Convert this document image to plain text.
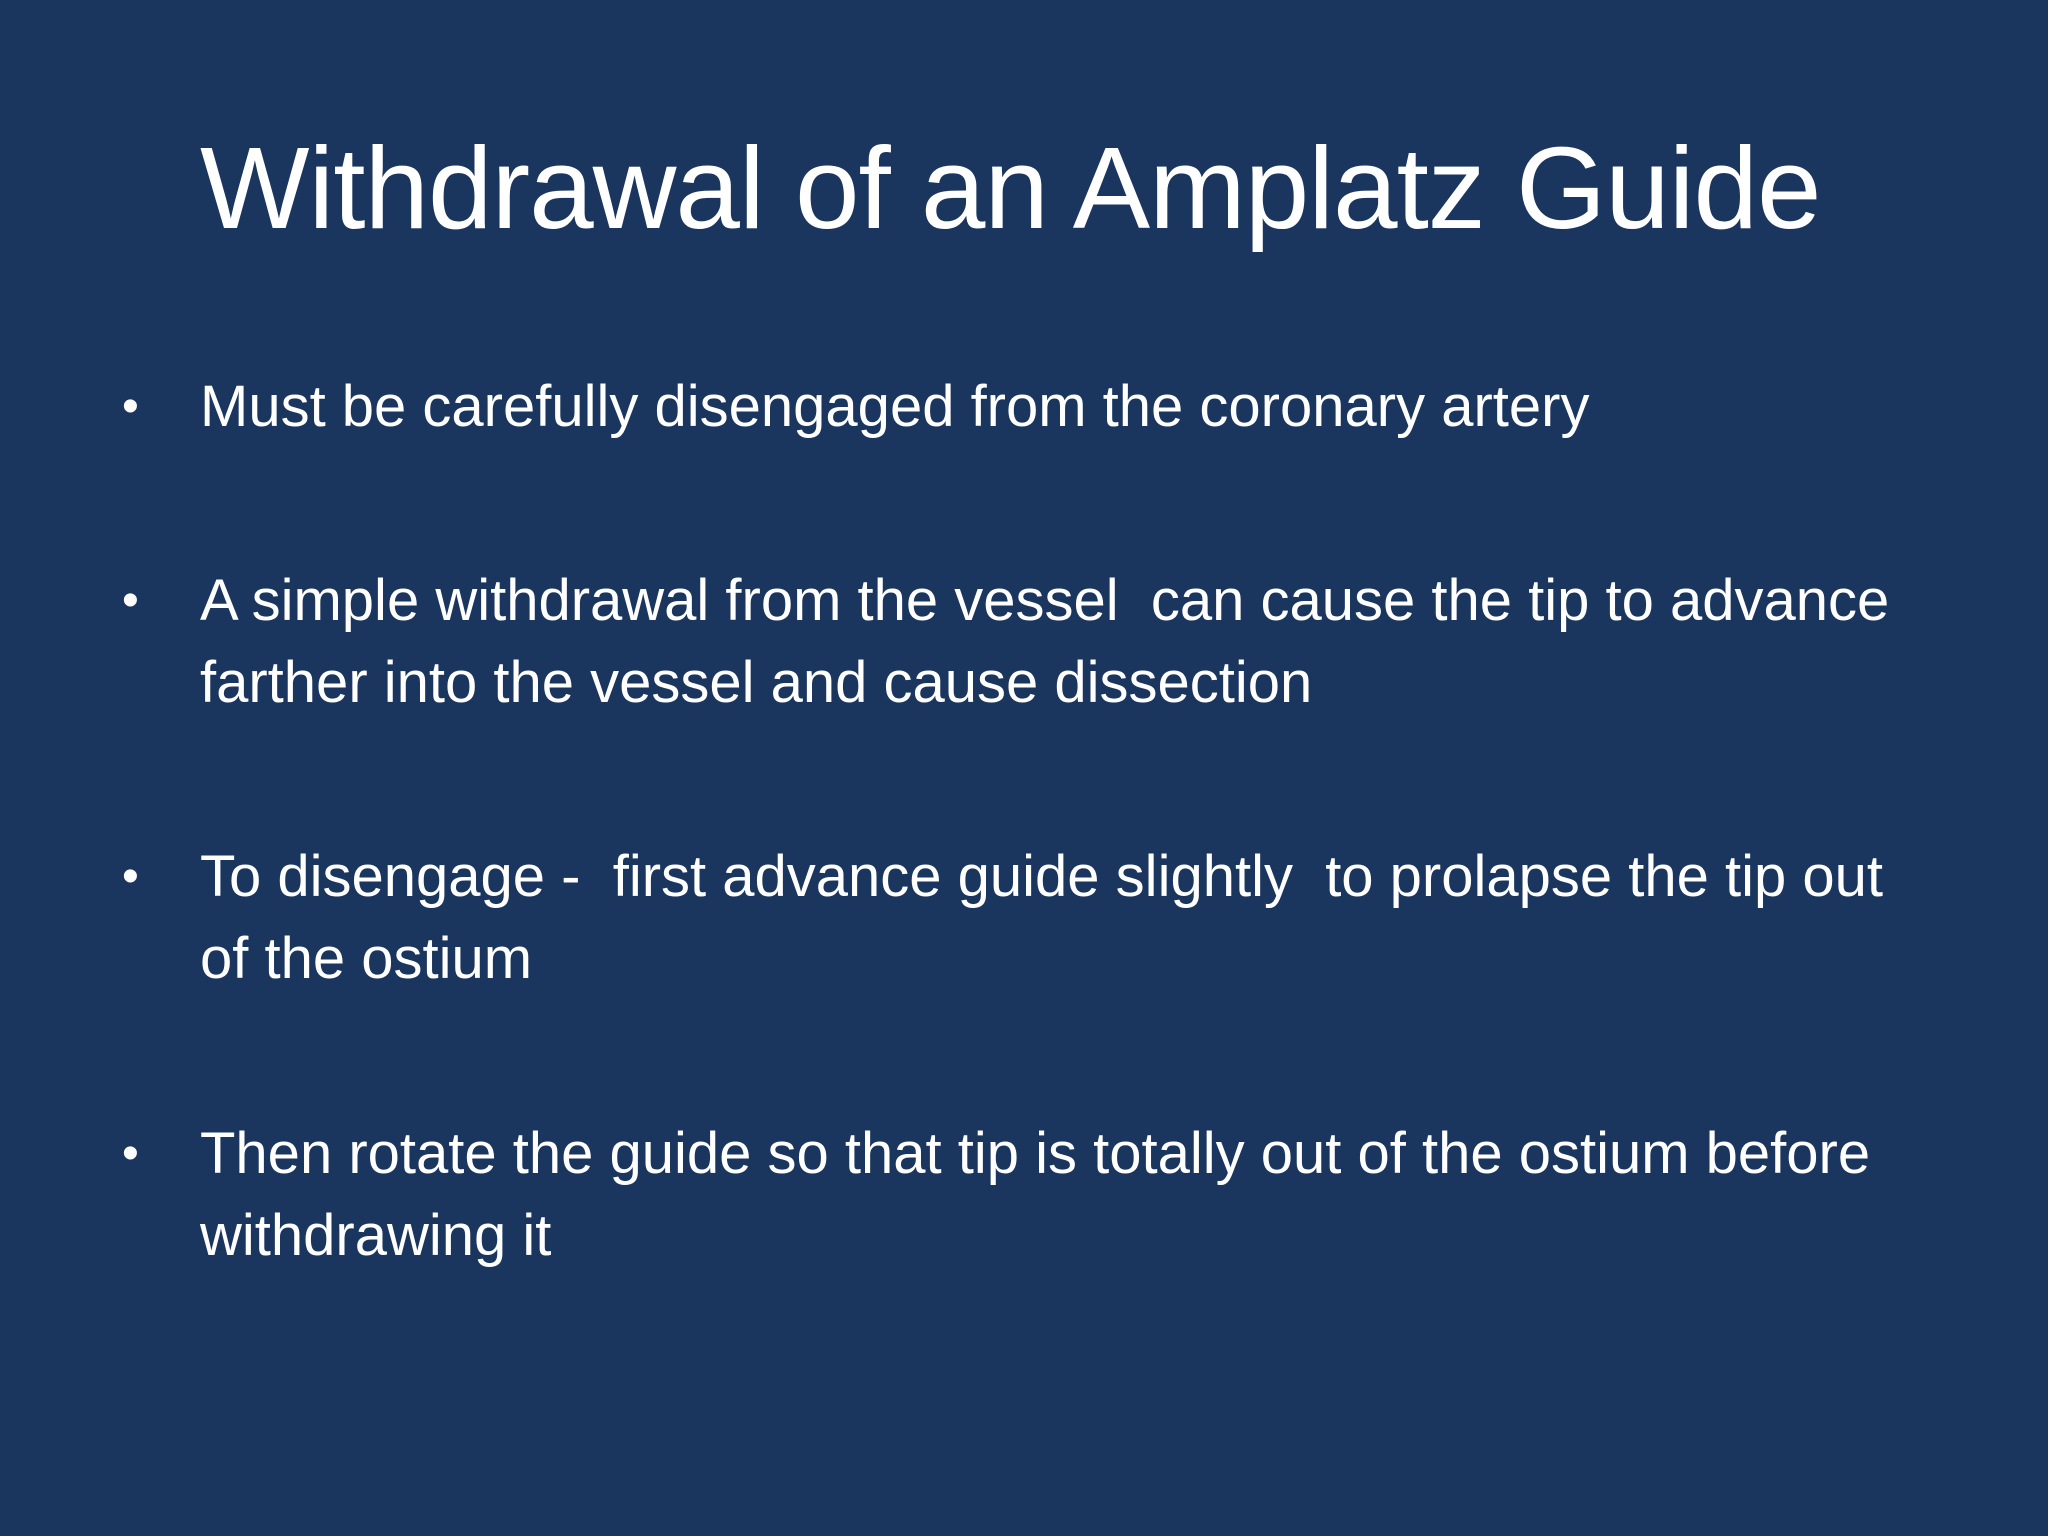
Withdrawal of an Amplatz Guide
• Must be carefully disengaged from the coronary artery
• A simple withdrawal from the vessel  can cause the tip to advance farther into the vessel and cause dissection
• To disengage -  first advance guide slightly  to prolapse the tip out of the ostium
• Then rotate the guide so that tip is totally out of the ostium before withdrawing it
